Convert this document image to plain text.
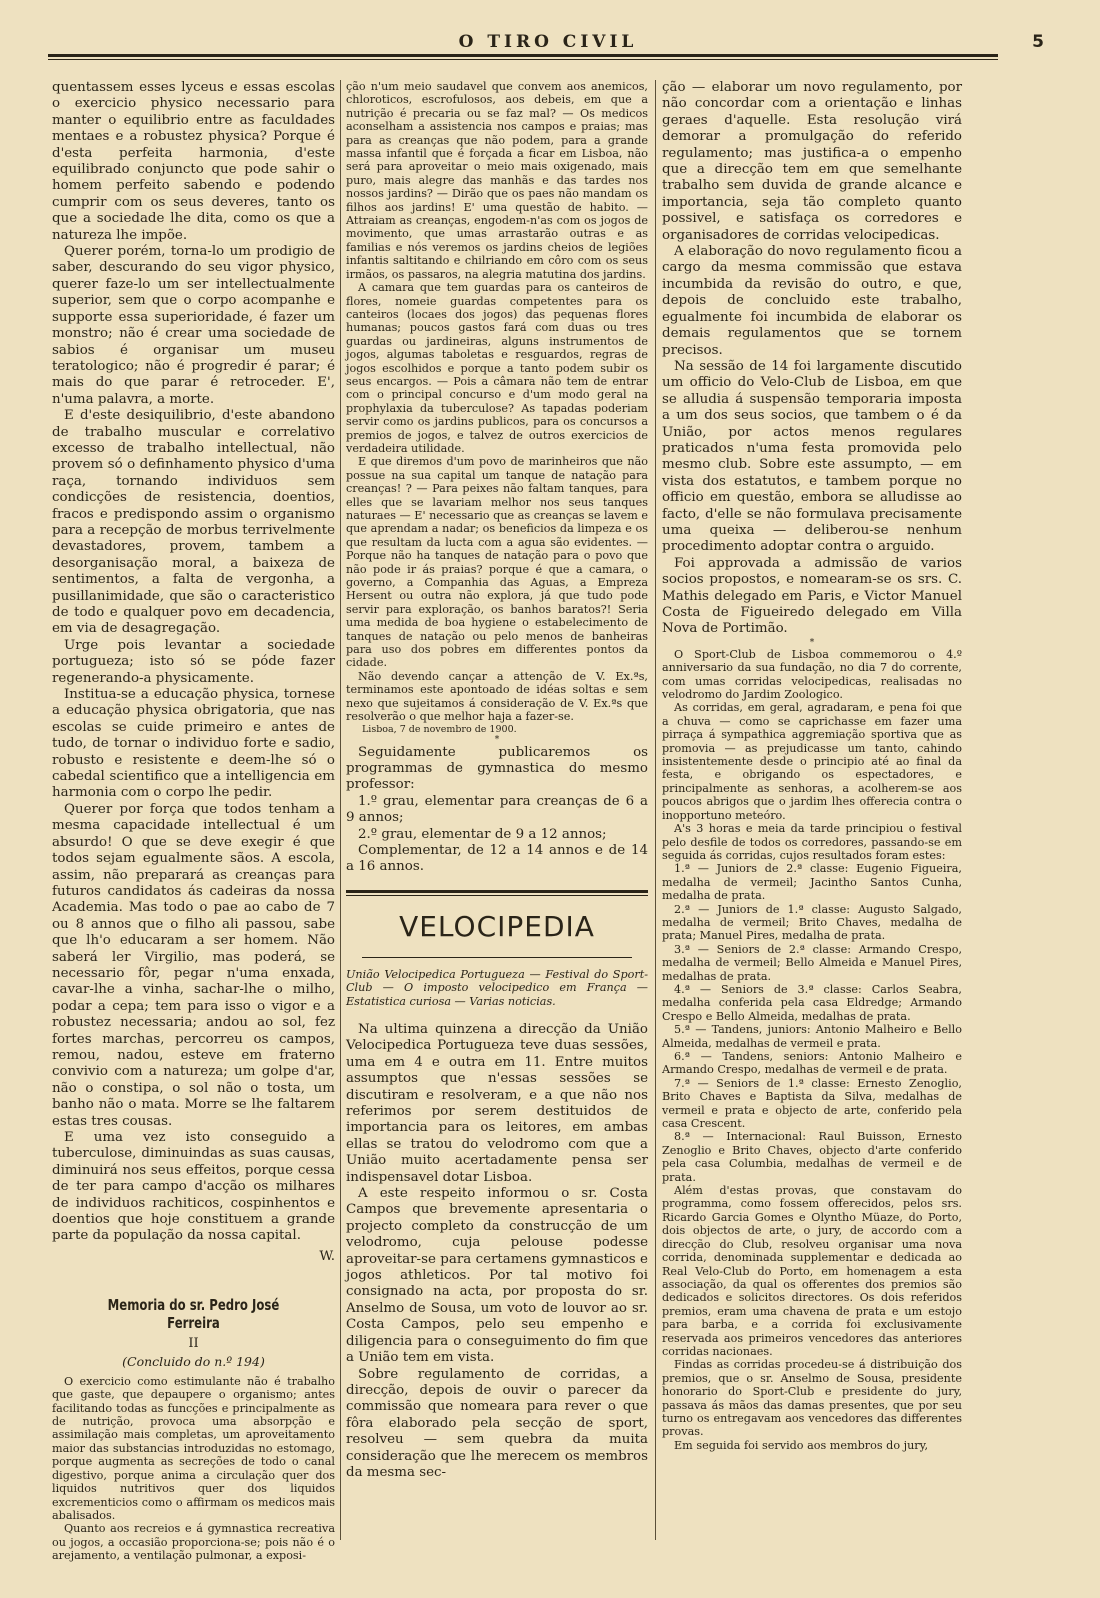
O TIRO CIVIL	5

quentassem esses lyceus e essas escolas o exercicio physico necessario para manter o equilibrio entre as faculdades mentaes e a robustez physica? Porque é d'esta perfeita harmonia, d'este equilibrado conjuncto que pode sahir o homem perfeito sabendo e podendo cumprir com os seus deveres, tanto os que a sociedade lhe dita, como os que a natureza lhe impõe.

Querer porém, torna-lo um prodigio de saber, descurando do seu vigor physico, querer faze-lo um ser intellectualmente superior, sem que o corpo acompanhe e supporte essa superioridade, é fazer um monstro; não é crear uma sociedade de sabios é organisar um museu teratologico; não é progredir é parar; é mais do que parar é retroceder. E', n'uma palavra, a morte.

E d'este desiquilibrio, d'este abandono de trabalho muscular e correlativo excesso de trabalho intellectual, não provem só o definhamento physico d'uma raça, tornando individuos sem condicções de resistencia, doentios, fracos e predispondo assim o organismo para a recepção de morbus terrivelmente devastadores, provem, tambem a desorganisação moral, a baixeza de sentimentos, a falta de vergonha, a pusillanimidade, que são o caracteristico de todo e qualquer povo em decadencia, em via de desagregação.

Urge pois levantar a sociedade portugueza; isto só se póde fazer regenerando-a physicamente.

Institua-se a educação physica, tornese a educação physica obrigatoria, que nas escolas se cuide primeiro e antes de tudo, de tornar o individuo forte e sadio, robusto e resistente e deem-lhe só o cabedal scientifico que a intelligencia em harmonia com o corpo lhe pedir.

Querer por força que todos tenham a mesma capacidade intellectual é um absurdo! O que se deve exegir é que todos sejam egualmente sãos. A escola, assim, não preparará as creanças para futuros candidatos ás cadeiras da nossa Academia. Mas todo o pae ao cabo de 7 ou 8 annos que o filho ali passou, sabe que lh'o educaram a ser homem. Não saberá ler Virgilio, mas poderá, se necessario fôr, pegar n'uma enxada, cavar-lhe a vinha, sachar-lhe o milho, podar a cepa; tem para isso o vigor e a robustez necessaria; andou ao sol, fez fortes marchas, percorreu os campos, remou, nadou, esteve em fraterno convivio com a natureza; um golpe d'ar, não o constipa, o sol não o tosta, um banho não o mata. Morre se lhe faltarem estas tres cousas.

E uma vez isto conseguido a tuberculose, diminuindas as suas causas, diminuirá nos seus effeitos, porque cessa de ter para campo d'acção os milhares de individuos rachiticos, cospinhentos e doentios que hoje constituem a grande parte da população da nossa capital.

W.

Memoria do sr. Pedro José Ferreira
II
(Concluido do n.º 194)

O exercicio como estimulante não é trabalho que gaste, que depaupere o organismo; antes facilitando todas as funcções e principalmente as de nutrição, provoca uma absorpção e assimilação mais completas, um aproveitamento maior das substancias introduzidas no estomago, porque augmenta as secreções de todo o canal digestivo, porque anima a circulação quer dos liquidos nutritivos quer dos liquidos excrementicios como o affirmam os medicos mais abalisados.

Quanto aos recreios e á gymnastica recreativa ou jogos, a occasião proporciona-se; pois não é o arejamento, a ventilação pulmonar, a exposi-

ção n'um meio saudavel que convem aos anemicos, chloroticos, escrofulosos, aos debeis, em que a nutrição é precaria ou se faz mal? — Os medicos aconselham a assistencia nos campos e praias; mas para as creanças que não podem, para a grande massa infantil que é forçada a ficar em Lisboa, não será para aproveitar o meio mais oxigenado, mais puro, mais alegre das manhãs e das tardes nos nossos jardins? — Dirão que os paes não mandam os filhos aos jardins! E' uma questão de habito. — Attraiam as creanças, engodem-n'as com os jogos de movimento, que umas arrastarão outras e as familias e nós veremos os jardins cheios de legiões infantis saltitando e chilriando em côro com os seus irmãos, os passaros, na alegria matutina dos jardins.

A camara que tem guardas para os canteiros de flores, nomeie guardas competentes para os canteiros (locaes dos jogos) das pequenas flores humanas; poucos gastos fará com duas ou tres guardas ou jardineiras, alguns instrumentos de jogos, algumas taboletas e resguardos, regras de jogos escolhidos e porque a tanto podem subir os seus encargos. — Pois a câmara não tem de entrar com o principal concurso e d'um modo geral na prophylaxia da tuberculose? As tapadas poderiam servir como os jardins publicos, para os concursos a premios de jogos, e talvez de outros exercicios de verdadeira utilidade.

E que diremos d'um povo de marinheiros que não possue na sua capital um tanque de natação para creanças! ? — Para peixes não faltam tanques, para elles que se lavariam melhor nos seus tanques naturaes — E' necessario que as creanças se lavem e que aprendam a nadar; os beneficios da limpeza e os que resultam da lucta com a agua são evidentes. — Porque não ha tanques de natação para o povo que não pode ir ás praias? porque é que a camara, o governo, a Companhia das Aguas, a Empreza Hersent ou outra não explora, já que tudo pode servir para exploração, os banhos baratos?! Seria uma medida de boa hygiene o estabelecimento de tanques de natação ou pelo menos de banheiras para uso dos pobres em differentes pontos da cidade.

Não devendo cançar a attenção de V. Ex.ªs, terminamos este apontoado de idéas soltas e sem nexo que sujeitamos á consideração de V. Ex.ªs que resolverão o que melhor haja a fazer-se.

Lisboa, 7 de novembro de 1900.

*

Seguidamente publicaremos os programmas de gymnastica do mesmo professor:

1.º grau, elementar para creanças de 6 a 9 annos;

2.º grau, elementar de 9 a 12 annos;

Complementar, de 12 a 14 annos e de 14 a 16 annos.

VELOCIPEDIA

União Velocipedica Portugueza — Festival do Sport-Club — O imposto velocipedico em França — Estatistica curiosa — Varias noticias.

Na ultima quinzena a direcção da União Velocipedica Portugueza teve duas sessões, uma em 4 e outra em 11. Entre muitos assumptos que n'essas sessões se discutiram e resolveram, e a que não nos referimos por serem destituidos de importancia para os leitores, em ambas ellas se tratou do velodromo com que a União muito acertadamente pensa ser indispensavel dotar Lisboa.

A este respeito informou o sr. Costa Campos que brevemente apresentaria o projecto completo da construcção de um velodromo, cuja pelouse podesse aproveitar-se para certamens gymnasticos e jogos athleticos. Por tal motivo foi consignado na acta, por proposta do sr. Anselmo de Sousa, um voto de louvor ao sr. Costa Campos, pelo seu empenho e diligencia para o conseguimento do fim que a União tem em vista.

Sobre regulamento de corridas, a direcção, depois de ouvir o parecer da commissão que nomeara para rever o que fôra elaborado pela secção de sport, resolveu — sem quebra da muita consideração que lhe merecem os membros da mesma sec-

ção — elaborar um novo regulamento, por não concordar com a orientação e linhas geraes d'aquelle. Esta resolução virá demorar a promulgação do referido regulamento; mas justifica-a o empenho que a direcção tem em que semelhante trabalho sem duvida de grande alcance e importancia, seja tão completo quanto possivel, e satisfaça os corredores e organisadores de corridas velocipedicas.

A elaboração do novo regulamento ficou a cargo da mesma commissão que estava incumbida da revisão do outro, e que, depois de concluido este trabalho, egualmente foi incumbida de elaborar os demais regulamentos que se tornem precisos.

Na sessão de 14 foi largamente discutido um officio do Velo-Club de Lisboa, em que se alludia á suspensão temporaria imposta a um dos seus socios, que tambem o é da União, por actos menos regulares praticados n'uma festa promovida pelo mesmo club. Sobre este assumpto, — em vista dos estatutos, e tambem porque no officio em questão, embora se alludisse ao facto, d'elle se não formulava precisamente uma queixa — deliberou-se nenhum procedimento adoptar contra o arguido.

Foi approvada a admissão de varios socios propostos, e nomearam-se os srs. C. Mathis delegado em Paris, e Victor Manuel Costa de Figueiredo delegado em Villa Nova de Portimão.

*

O Sport-Club de Lisboa commemorou o 4.º anniversario da sua fundação, no dia 7 do corrente, com umas corridas velocipedicas, realisadas no velodromo do Jardim Zoologico.

As corridas, em geral, agradaram, e pena foi que a chuva — como se caprichasse em fazer uma pirraça á sympathica aggremiação sportiva que as promovia — as prejudicasse um tanto, cahindo insistentemente desde o principio até ao final da festa, e obrigando os espectadores, e principalmente as senhoras, a acolherem-se aos poucos abrigos que o jardim lhes offerecia contra o inopportuno meteóro.

A's 3 horas e meia da tarde principiou o festival pelo desfile de todos os corredores, passando-se em seguida ás corridas, cujos resultados foram estes:

1.ª — Juniors de 2.ª classe: Eugenio Figueira, medalha de vermeil; Jacintho Santos Cunha, medalha de prata.

2.ª — Juniors de 1.ª classe: Augusto Salgado, medalha de vermeil; Brito Chaves, medalha de prata; Manuel Pires, medalha de prata.

3.ª — Seniors de 2.ª classe: Armando Crespo, medalha de vermeil; Bello Almeida e Manuel Pires, medalhas de prata.

4.ª — Seniors de 3.ª classe: Carlos Seabra, medalha conferida pela casa Eldredge; Armando Crespo e Bello Almeida, medalhas de prata.

5.ª — Tandens, juniors: Antonio Malheiro e Bello Almeida, medalhas de vermeil e prata.

6.ª — Tandens, seniors: Antonio Malheiro e Armando Crespo, medalhas de vermeil e de prata.

7.ª — Seniors de 1.ª classe: Ernesto Zenoglio, Brito Chaves e Baptista da Silva, medalhas de vermeil e prata e objecto de arte, conferido pela casa Crescent.

8.ª — Internacional: Raul Buisson, Ernesto Zenoglio e Brito Chaves, objecto d'arte conferido pela casa Columbia, medalhas de vermeil e de prata.

Além d'estas provas, que constavam do programma, como fossem offerecidos, pelos srs. Ricardo Garcia Gomes e Olyntho Müaze, do Porto, dois objectos de arte, o jury, de accordo com a direcção do Club, resolveu organisar uma nova corrida, denominada supplementar e dedicada ao Real Velo-Club do Porto, em homenagem a esta associação, da qual os offerentes dos premios são dedicados e solicitos directores. Os dois referidos premios, eram uma chavena de prata e um estojo para barba, e a corrida foi exclusivamente reservada aos primeiros vencedores das anteriores corridas nacionaes.

Findas as corridas procedeu-se á distribuição dos premios, que o sr. Anselmo de Sousa, presidente honorario do Sport-Club e presidente do jury, passava ás mãos das damas presentes, que por seu turno os entregavam aos vencedores das differentes provas.

Em seguida foi servido aos membros do jury,
